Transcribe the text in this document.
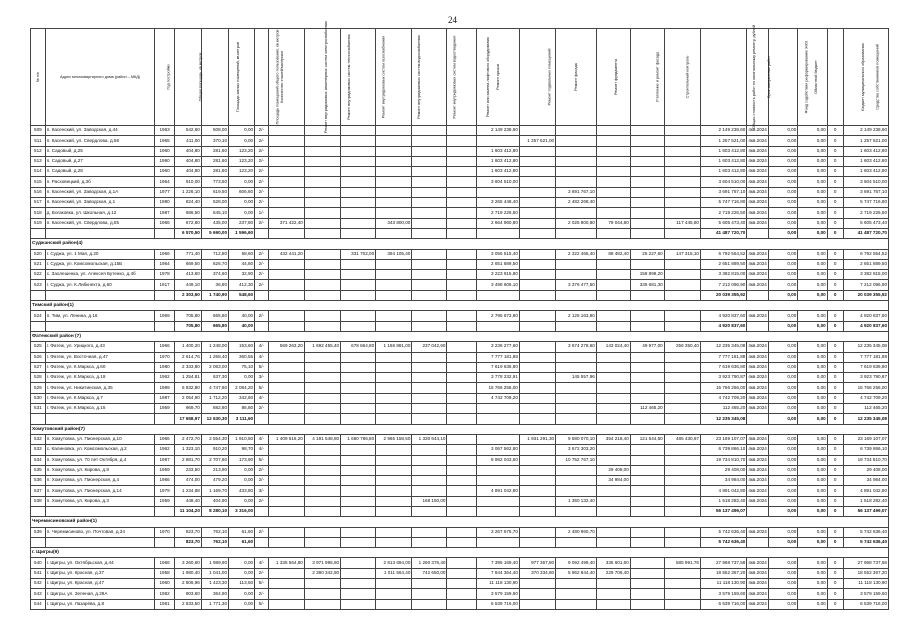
24
№ п/п	Адрес многоквартирного дома (район – МКД)	Год постройки	Общая площадь, кв.метров	Площадь жилых помещений, кв.метров	Площадь помещений общего пользования, кв.метров	Количество этажей/материал	Ремонт внутридомовых инженерных систем электроснабжения	Ремонт внутридомовых систем теплоснабжения	Ремонт внутридомовых систем газоснабжения	Ремонт внутридомовых систем водоснабжения	Ремонт внутридомовых систем водоотведения	Ремонт или замена лифтового оборудования	Ремонт крыши	Ремонт подвальных помещений	Ремонт фасада	Ремонт фундамента	Утепление и ремонт фасада	Строительный контроль	Общая стоимость работ по капитальному ремонту, рублей	Срок завершения работ	Фонд содействия реформированию ЖКХ	Областной бюджет	Бюджет муниципального образования	Средства собственников помещений
509	п. Касенский, ул. Заводская, д.44	1963	542,60	508,00	0,00	2/-							2 149 238,60						2 149 238,60	4кв.2024	0,00	0,00	0	2 149 238,60
511	п. Касенский, ул. Свердлова, д.56	1965	411,00	370,10	0,00	2/-								1 257 521,00					1 257 521,00	4кв.2024	0,00	0,00	0	1 257 521,00
512	п. Садовый, д.25	1960	404,80	281,60	123,20	2/-							1 603 412,80						1 603 412,80	4кв.2024	0,00	0,00	0	1 603 412,80
513	п. Садовый, д.27	1960	404,80	281,60	123,20	2/-							1 603 412,80						1 603 412,80	4кв.2024	0,00	0,00	0	1 603 412,80
514	п. Садовый, д.28	1960	404,80	281,60	123,20	2/-							1 603 412,80						1 603 412,80	4кв.2024	0,00	0,00	0	1 603 412,80
515	п. Расховецкий, д.3б	1964	910,00	773,50	0,00	2/-							3 604 510,00						3 604 510,00	4кв.2024	0,00	0,00	0	3 604 510,00
516	п. Касенский, ул. Заводская, д.1А	1977	1 226,10	619,50	606,60	2/-									3 691 767,10				3 691 767,10	4кв.2024	0,00	0,00	0	3 691 767,10
517	п. Касенский, ул. Заводская, д.1	1980	824,40	528,00	0,00	2/-							3 265 448,40		2 482 268,40				5 747 716,80	4кв.2024	0,00	0,00	0	5 747 716,80
518	д. Богаковка, ул. Школьная, д.12	1987	686,50	645,10	0,00	1/-							2 719 226,50						2 719 226,50	4кв.2024	0,00	0,00	0	2 719 226,50
519	п. Касенский, ул. Свердлова, д.55	1966	672,80	435,00	237,80	2/-	371 422,40			343 800,00			2 664 960,80		2 025 800,80	79 044,80		117 445,80	5 605 473,40	4кв.2024	0,00	0,00	0	5 605 473,40
			6 570,50	5 690,00	1 596,60														41 487 720,70		0,00	0,00	0	41 487 720,70
Суджанский район(4)																								
520	г. Суджа, ул. 1 Мая, д.20	1966	771,40	712,80	58,60	2/-	432 441,20		331 702,00	394 105,40			3 055 515,40		2 322 465,40	88 482,40	25 227,60	147 315,10	6 792 554,52	4кв.2024	0,00	0,00	0	6 792 554,52
521	г. Суджа, ул. Комсомольская, д.15Б	1964	669,50	626,70	44,80	2/-							2 651 889,50						2 651 889,50	4кв.2024	0,00	0,00	0	2 651 889,50
522	с. Заолешенка, ул. Алексея Бутенко, д.4б	1978	413,60	374,60	32,90	2/-							3 223 915,80				158 899,20		3 382 815,00	4кв.2024	0,00	0,00	0	3 382 815,00
523	г. Суджа, ул. К.Либкнехта, д.60	1917	449,10	36,80	412,30	2/-							3 498 606,10		3 376 477,50		335 681,30		7 212 096,90	4кв.2024	0,00	0,00	0	7 212 096,90
			2 303,60	1 740,90	548,60														20 039 355,92		0,00	0,00	0	20 039 355,92
Тимский район(1)																								
524	п. Тим, ул. Ленина, д.16	1969	705,80	665,80	40,00	2/-							2 795 673,80		2 125 163,80				4 920 837,60	4кв.2024	0,00	0,00	0	4 920 837,60
			705,80	665,80	40,00														4 920 837,60		0,00	0,00	0	4 920 837,60
Фатежский район (7)																								
525	г. Фатеж, ул. Урицкого, д.43	1966	1 400,20	1 248,00	153,60	4/-	569 263,20	1 692 455,40	678 664,80	1 166 881,00	237 042,60		3 236 277,60		3 674 278,60	143 024,40	49 977,00	256 350,40	12 235 345,08	4кв.2024	0,00	0,00	0	12 235 345,08
526	г. Фатеж, ул. Восточная, д.47	1970	2 614,76	1 268,40	360,55	4/-							7 777 181,88						7 777 181,88	4кв.2024	0,00	0,00	0	7 777 181,88
527	г. Фатеж, ул. К.Маркса, д.60	1980	2 333,80	2 063,00	75,10	5/-							7 619 636,80						7 619 636,80	4кв.2024	0,00	0,00	0	7 619 636,80
528	г. Фатеж, ул. К.Маркса, д.19	1962	1 254,81	637,30	0,00	3/-							3 778 232,91		145 557,96				3 923 790,87	4кв.2024	0,00	0,00	0	3 923 790,87
529	г. Фатеж, ул. Никитинская, д.35	1989	6 832,80	4 747,80	2 084,20	5/-							15 766 256,00						15 766 256,00	4кв.2024	0,00	0,00	0	15 766 256,00
530	г. Фатеж, ул. К.Маркса, д.7	1987	2 054,90	1 712,20	342,60	4/-							4 742 709,20						4 742 709,20	4кв.2024	0,00	0,00	0	4 742 709,20
531	г. Фатеж, ул. К.Маркса, д.15	1959	969,70	882,80	86,80	2/-											112 465,20		112 465,20	4кв.2024	0,00	0,00	0	112 465,20
			17 658,97	12 630,30	3 111,60														12 235 345,08		0,00	0,00	0	12 235 345,08
Хомутовский район(7)																								
532	п. Хомутовка, ул. Пионерская, д.10	1966	2 472,70	2 554,30	1 910,50	4/-	1 409 616,20	4 191 548,80	1 680 786,80	2 965 158,50	1 330 644,10			1 931 291,30	9 580 070,10	354 218,40	121 544,50	485 430,67	23 169 107,07	4кв.2024	0,00	0,00	0	23 169 107,07
533	с. Калиновка, ул. Комсомольская, д.2	1962	1 323,10	910,20	98,70	4/-							3 067 562,80		3 672 303,20				6 739 866,10	4кв.2024	0,00	0,00	0	6 739 866,10
534	п. Хомутовка, ул. 70 лет Октября, д.4	1987	2 881,70	2 707,80	173,90	5/-							8 982 043,50		10 752 767,10				19 734 810,70	4кв.2024	0,00	0,00	0	19 734 810,70
535	п. Хомутовка, ул. Кирова, д.9	1959	233,50	213,90	0,00	2/-										29 408,00			29 408,00	4кв.2024	0,00	0,00	0	29 408,00
536	п. Хомутовка, ул. Пионерская, д.4	1966	474,00	479,20	0,00	2/-										34 984,00			34 984,00	4кв.2024	0,00	0,00	0	34 984,00
537	п. Хомутовка, ул. Пионерская, д.14	1979	1 234,88	1 169,70	433,80	3/-							4 891 042,80						4 891 042,80	4кв.2024	0,00	0,00	0	4 891 042,80
538	п. Хомутовка, ул. Кирова, д.3	1959	448,40	404,90	0,00	2/-					168 150,00				1 350 132,40				1 518 282,40	4кв.2024	0,00	0,00	0	1 518 282,40
			11 104,20	8 280,10	3 316,00														56 137 499,07		0,00	0,00	0	56 137 499,07
Черемисиновский район(1)																								
539	п. Черемисиново, ул. Почтовая, д.34	1970	823,70	762,10	61,60	2/-							3 267 675,70		2 480 960,70				5 742 636,40	4кв.2024	0,00	0,00	0	5 742 636,40
			823,70	762,10	61,60														5 742 636,40		0,00	0,00	0	5 742 636,40
г. Щигры(9)																								
540	г. Щигры, ул. Октябрьская, д.44	1966	3 260,60	1 989,90	0,00	4/-	1 335 564,80	3 971 995,60		2 813 694,00	1 260 376,40		7 395 169,40	977 367,80	9 092 499,40	335 601,60		585 991,76	27 968 737,58	4кв.2024	0,00	0,00	0	27 968 737,58
541	г. Щигры, ул. Красная, д.37	1958	1 980,40	1 041,00	0,00	2/-		2 390 342,80		1 011 564,40	742 650,00		7 844 364,40	370 334,80	5 962 844,40	229 706,40			18 552 367,20	4кв.2024	0,00	0,00	0	18 552 367,20
542	г. Щигры, ул. Красная, д.47	1960	2 806,96	1 423,30	113,50	5/-							11 118 130,90						11 118 130,90	4кв.2024	0,00	0,00	0	11 118 130,90
543	г. Щигры, ул. Зеленая, д.28А	1982	903,60	364,90	0,00	2/-							3 579 159,60						3 579 159,60	4кв.2024	0,00	0,00	0	3 579 159,60
544	г. Щигры, ул. Лазарева, д.8	1981	2 833,50	1 771,30	0,00	5/-							6 539 716,00						6 539 716,00	4кв.2024	0,00	0,00	0	6 539 716,00
